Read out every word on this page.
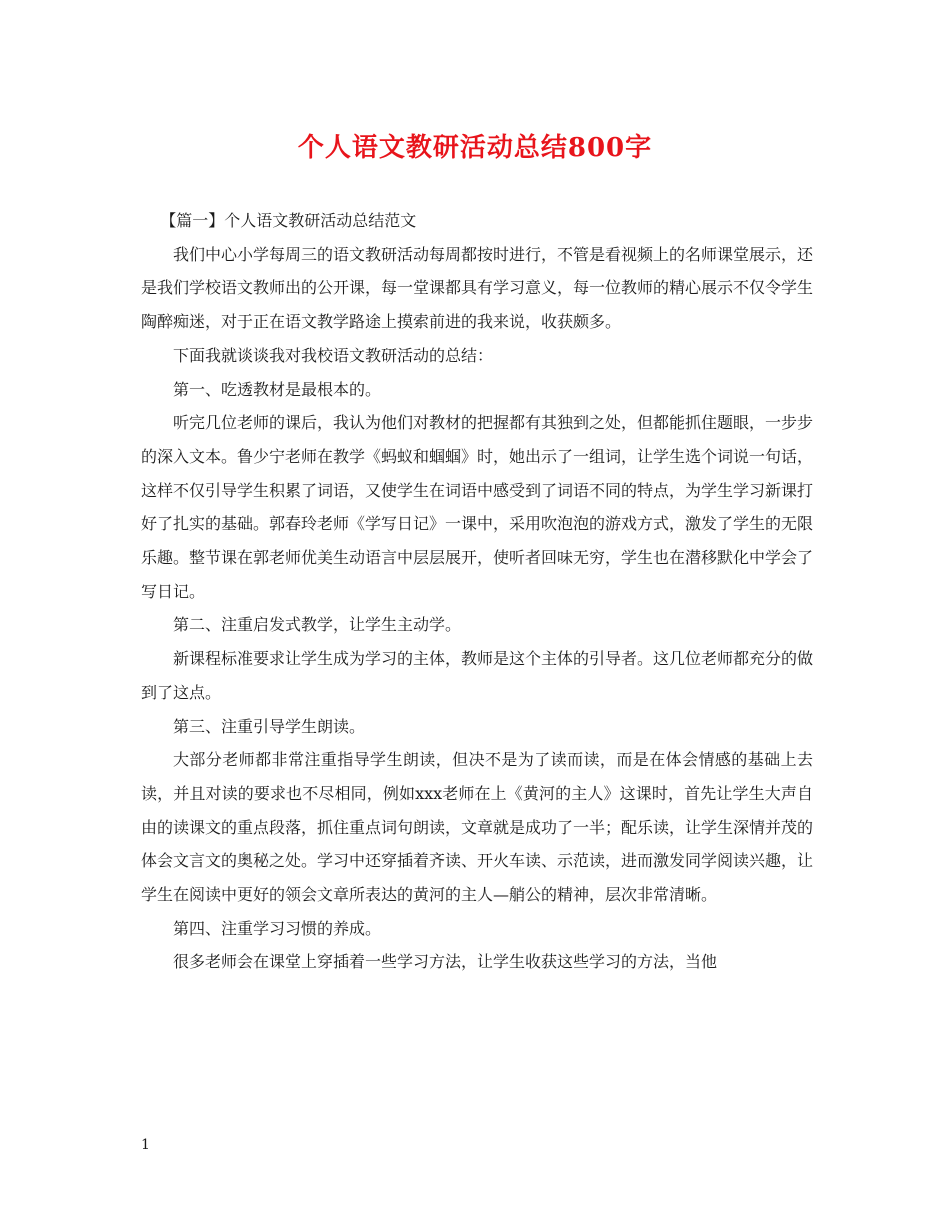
个人语文教研活动总结800字

【篇一】个人语文教研活动总结范文

我们中心小学每周三的语文教研活动每周都按时进行，不管是看视频上的名师课堂展示，还是我们学校语文教师出的公开课，每一堂课都具有学习意义，每一位教师的精心展示不仅令学生陶醉痴迷，对于正在语文教学路途上摸索前进的我来说，收获颇多。

下面我就谈谈我对我校语文教研活动的总结：

第一、吃透教材是最根本的。

听完几位老师的课后，我认为他们对教材的把握都有其独到之处，但都能抓住题眼，一步步的深入文本。鲁少宁老师在教学《蚂蚁和蝈蝈》时，她出示了一组词，让学生选个词说一句话，这样不仅引导学生积累了词语，又使学生在词语中感受到了词语不同的特点，为学生学习新课打好了扎实的基础。郭春玲老师《学写日记》一课中，采用吹泡泡的游戏方式，激发了学生的无限乐趣。整节课在郭老师优美生动语言中层层展开，使听者回味无穷，学生也在潜移默化中学会了写日记。

第二、注重启发式教学，让学生主动学。

新课程标准要求让学生成为学习的主体，教师是这个主体的引导者。这几位老师都充分的做到了这点。

第三、注重引导学生朗读。

大部分老师都非常注重指导学生朗读，但决不是为了读而读，而是在体会情感的基础上去读，并且对读的要求也不尽相同，例如xxx老师在上《黄河的主人》这课时，首先让学生大声自由的读课文的重点段落，抓住重点词句朗读，文章就是成功了一半；配乐读，让学生深情并茂的体会文言文的奥秘之处。学习中还穿插着齐读、开火车读、示范读，进而激发同学阅读兴趣，让学生在阅读中更好的领会文章所表达的黄河的主人—艄公的精神，层次非常清晰。

第四、注重学习习惯的养成。

很多老师会在课堂上穿插着一些学习方法，让学生收获这些学习的方法，当他

1
